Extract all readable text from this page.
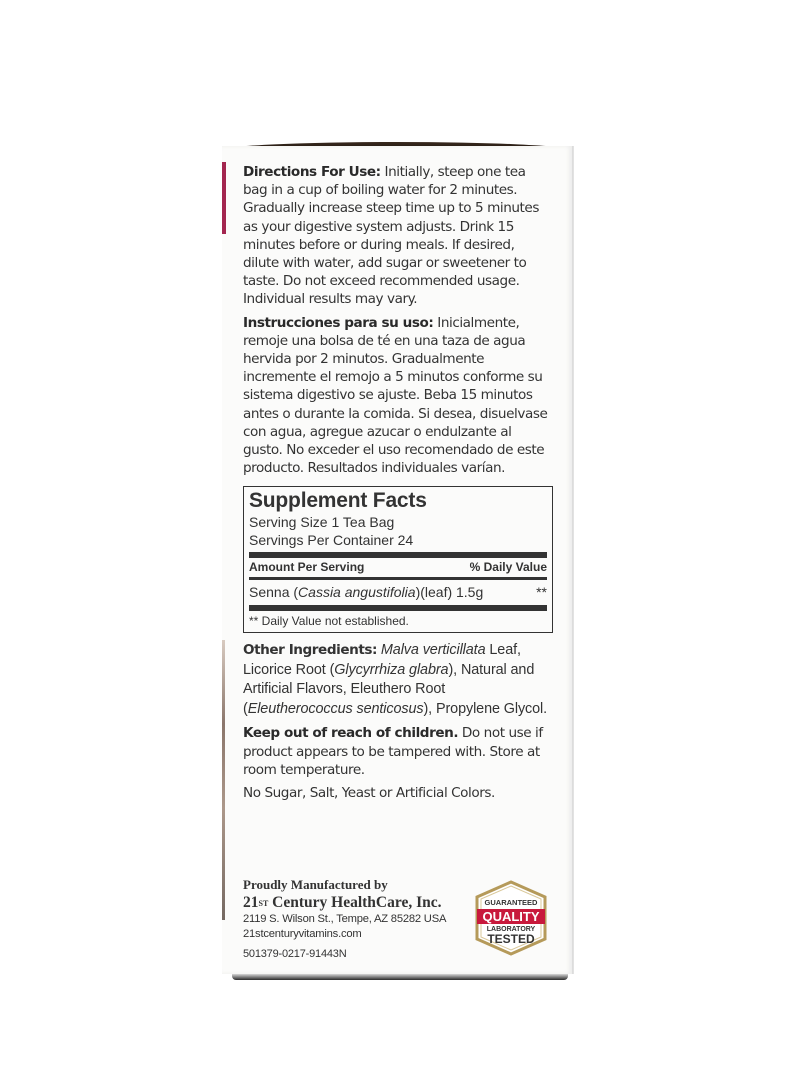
Directions For Use: Initially, steep one tea bag in a cup of boiling water for 2 minutes. Gradually increase steep time up to 5 minutes as your digestive system adjusts. Drink 15 minutes before or during meals. If desired, dilute with water, add sugar or sweetener to taste. Do not exceed recommended usage. Individual results may vary.

Instrucciones para su uso: Inicialmente, remoje una bolsa de té en una taza de agua hervida por 2 minutos. Gradualmente incremente el remojo a 5 minutos conforme su sistema digestivo se ajuste. Beba 15 minutos antes o durante la comida. Si desea, disuelvase con agua, agregue azucar o endulzante al gusto. No exceder el uso recomendado de este producto. Resultados individuales varían.

Supplement Facts
Serving Size 1 Tea Bag
Servings Per Container 24
Amount Per Serving	% Daily Value
Senna (Cassia angustifolia)(leaf) 1.5g	**
** Daily Value not established.

Other Ingredients: Malva verticillata Leaf, Licorice Root (Glycyrrhiza glabra), Natural and Artificial Flavors, Eleuthero Root (Eleutherococcus senticosus), Propylene Glycol.

Keep out of reach of children. Do not use if product appears to be tampered with. Store at room temperature.

No Sugar, Salt, Yeast or Artificial Colors.

Proudly Manufactured by
21ST Century HealthCare, Inc.
2119 S. Wilson St., Tempe, AZ 85282 USA
21stcenturyvitamins.com
501379-0217-91443N
GUARANTEED
QUALITY
LABORATORY
TESTED
